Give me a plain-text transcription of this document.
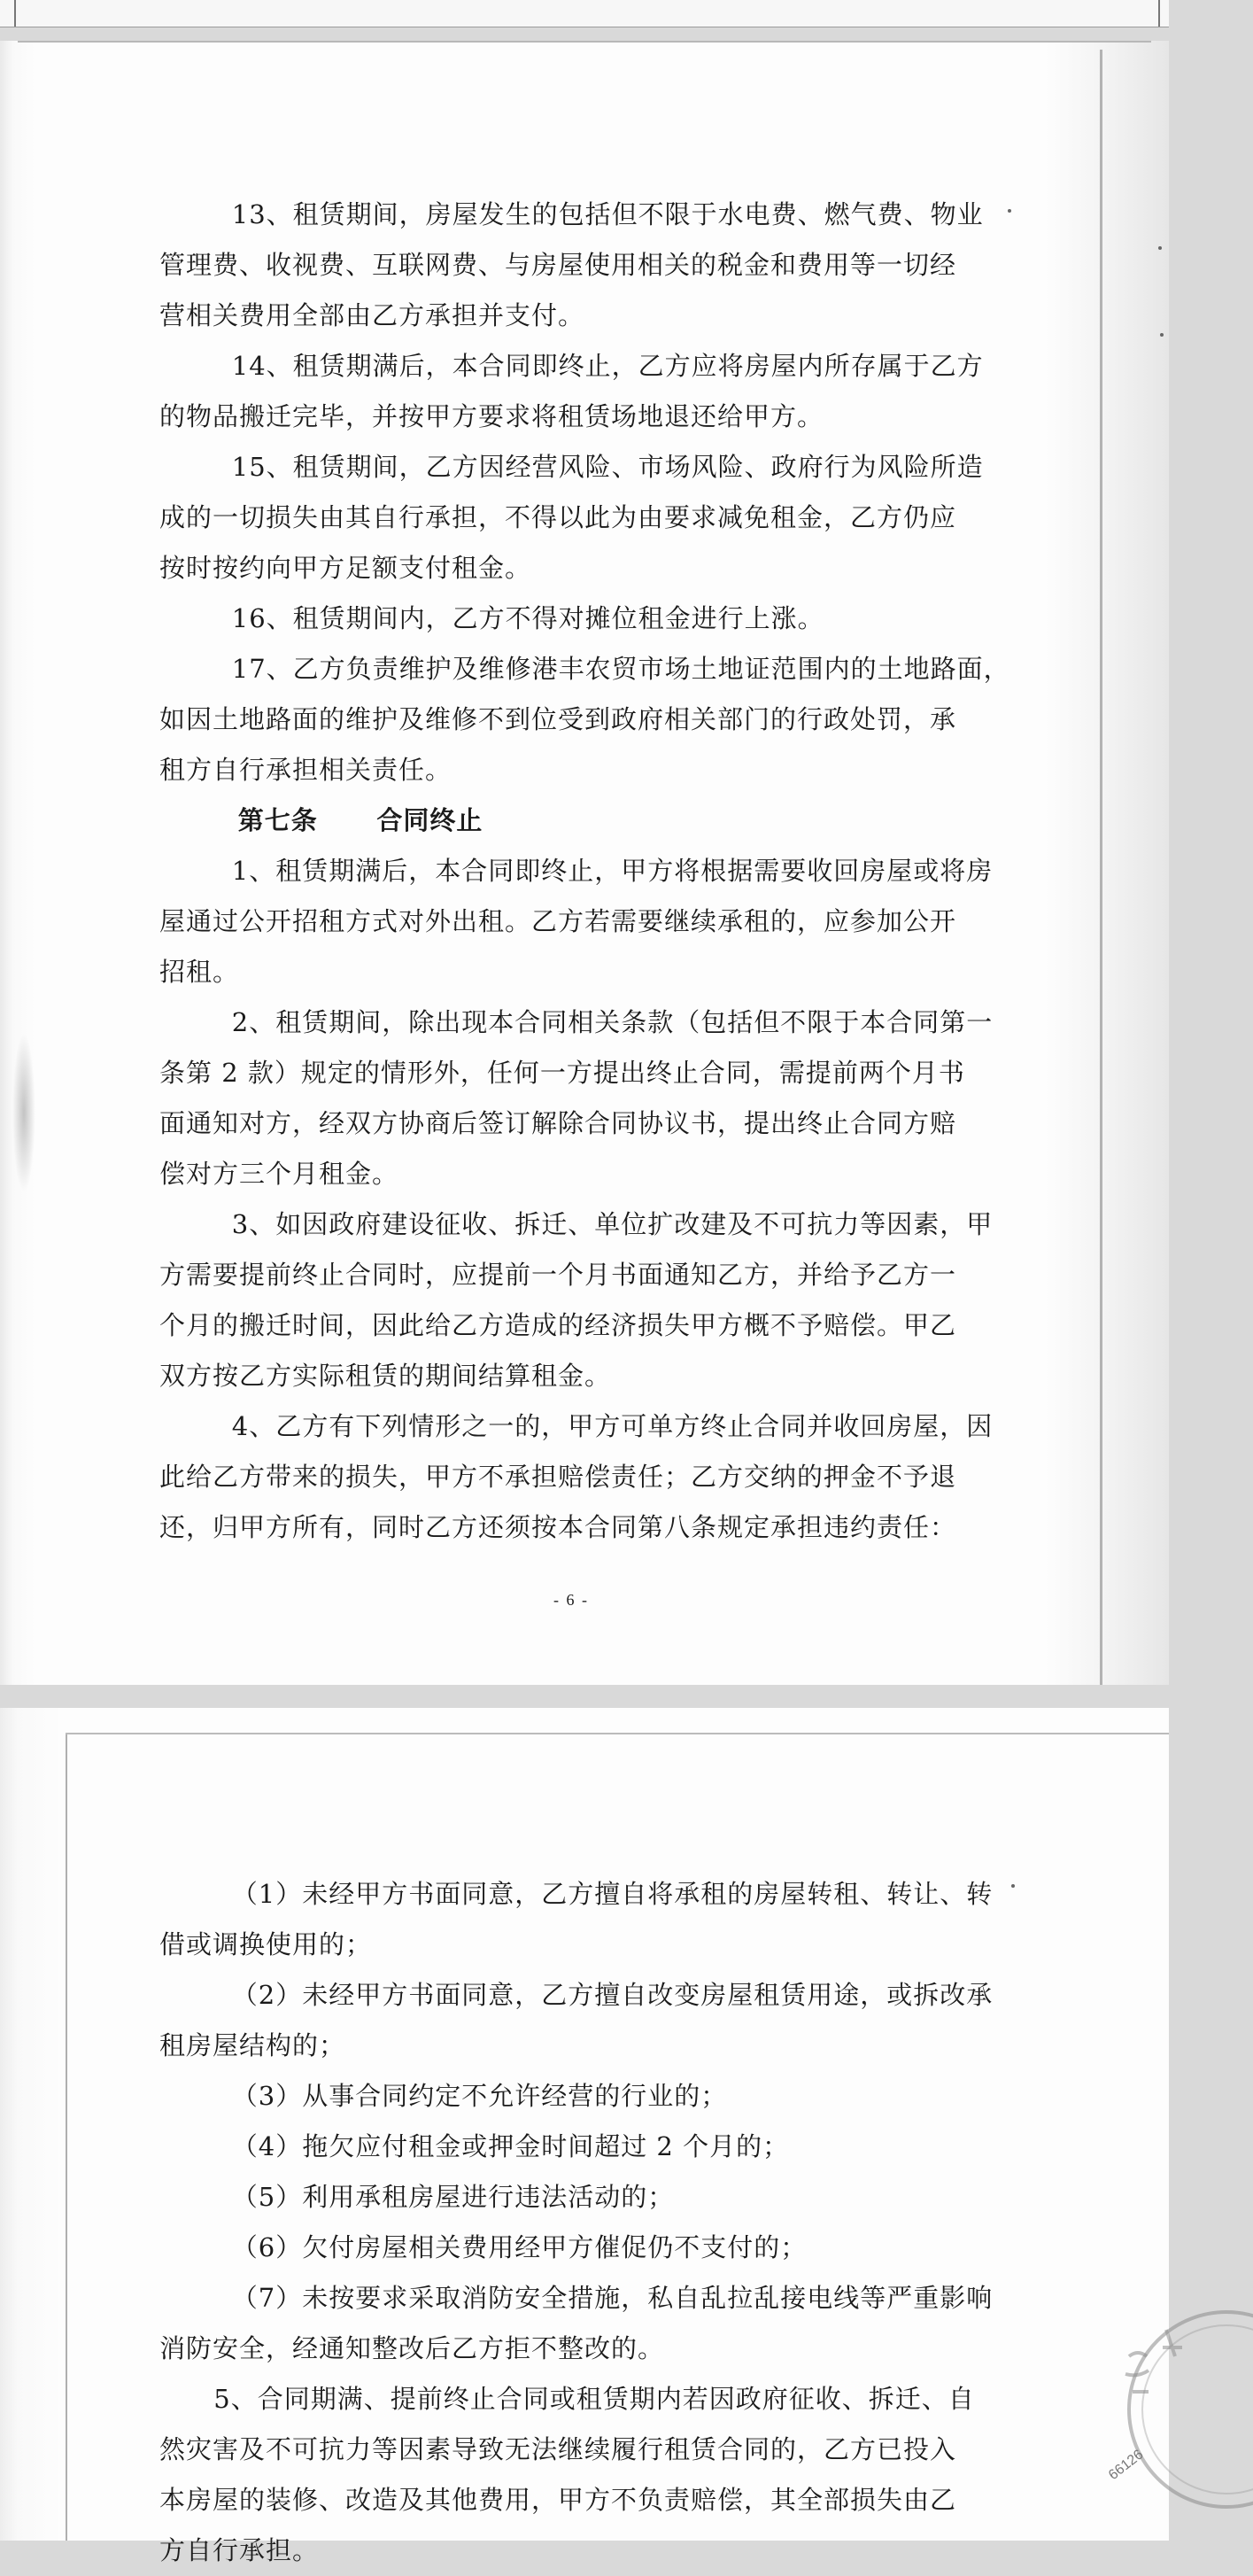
13、租赁期间，房屋发生的包括但不限于水电费、燃气费、物业

管理费、收视费、互联网费、与房屋使用相关的税金和费用等一切经

营相关费用全部由乙方承担并支付。

14、租赁期满后，本合同即终止，乙方应将房屋内所存属于乙方

的物品搬迁完毕，并按甲方要求将租赁场地退还给甲方。

15、租赁期间，乙方因经营风险、市场风险、政府行为风险所造

成的一切损失由其自行承担，不得以此为由要求减免租金，乙方仍应

按时按约向甲方足额支付租金。

16、租赁期间内，乙方不得对摊位租金进行上涨。

17、乙方负责维护及维修港丰农贸市场土地证范围内的土地路面，

如因土地路面的维护及维修不到位受到政府相关部门的行政处罚，承

租方自行承担相关责任。

第七条      合同终止

1、租赁期满后，本合同即终止，甲方将根据需要收回房屋或将房

屋通过公开招租方式对外出租。乙方若需要继续承租的，应参加公开

招租。

2、租赁期间，除出现本合同相关条款（包括但不限于本合同第一

条第 2 款）规定的情形外，任何一方提出终止合同，需提前两个月书

面通知对方，经双方协商后签订解除合同协议书，提出终止合同方赔

偿对方三个月租金。

3、如因政府建设征收、拆迁、单位扩改建及不可抗力等因素，甲

方需要提前终止合同时，应提前一个月书面通知乙方，并给予乙方一

个月的搬迁时间，因此给乙方造成的经济损失甲方概不予赔偿。甲乙

双方按乙方实际租赁的期间结算租金。

4、乙方有下列情形之一的，甲方可单方终止合同并收回房屋，因

此给乙方带来的损失，甲方不承担赔偿责任；乙方交纳的押金不予退

还，归甲方所有，同时乙方还须按本合同第八条规定承担违约责任：

- 6 -

（1）未经甲方书面同意，乙方擅自将承租的房屋转租、转让、转

借或调换使用的；

（2）未经甲方书面同意，乙方擅自改变房屋租赁用途，或拆改承

租房屋结构的；

（3）从事合同约定不允许经营的行业的；

（4）拖欠应付租金或押金时间超过 2 个月的；

（5）利用承租房屋进行违法活动的；

（6）欠付房屋相关费用经甲方催促仍不支付的；

（7）未按要求采取消防安全措施，私自乱拉乱接电线等严重影响

消防安全，经通知整改后乙方拒不整改的。

5、合同期满、提前终止合同或租赁期内若因政府征收、拆迁、自

然灾害及不可抗力等因素导致无法继续履行租赁合同的，乙方已投入

本房屋的装修、改造及其他费用，甲方不负责赔偿，其全部损失由乙

方自行承担。

66126
